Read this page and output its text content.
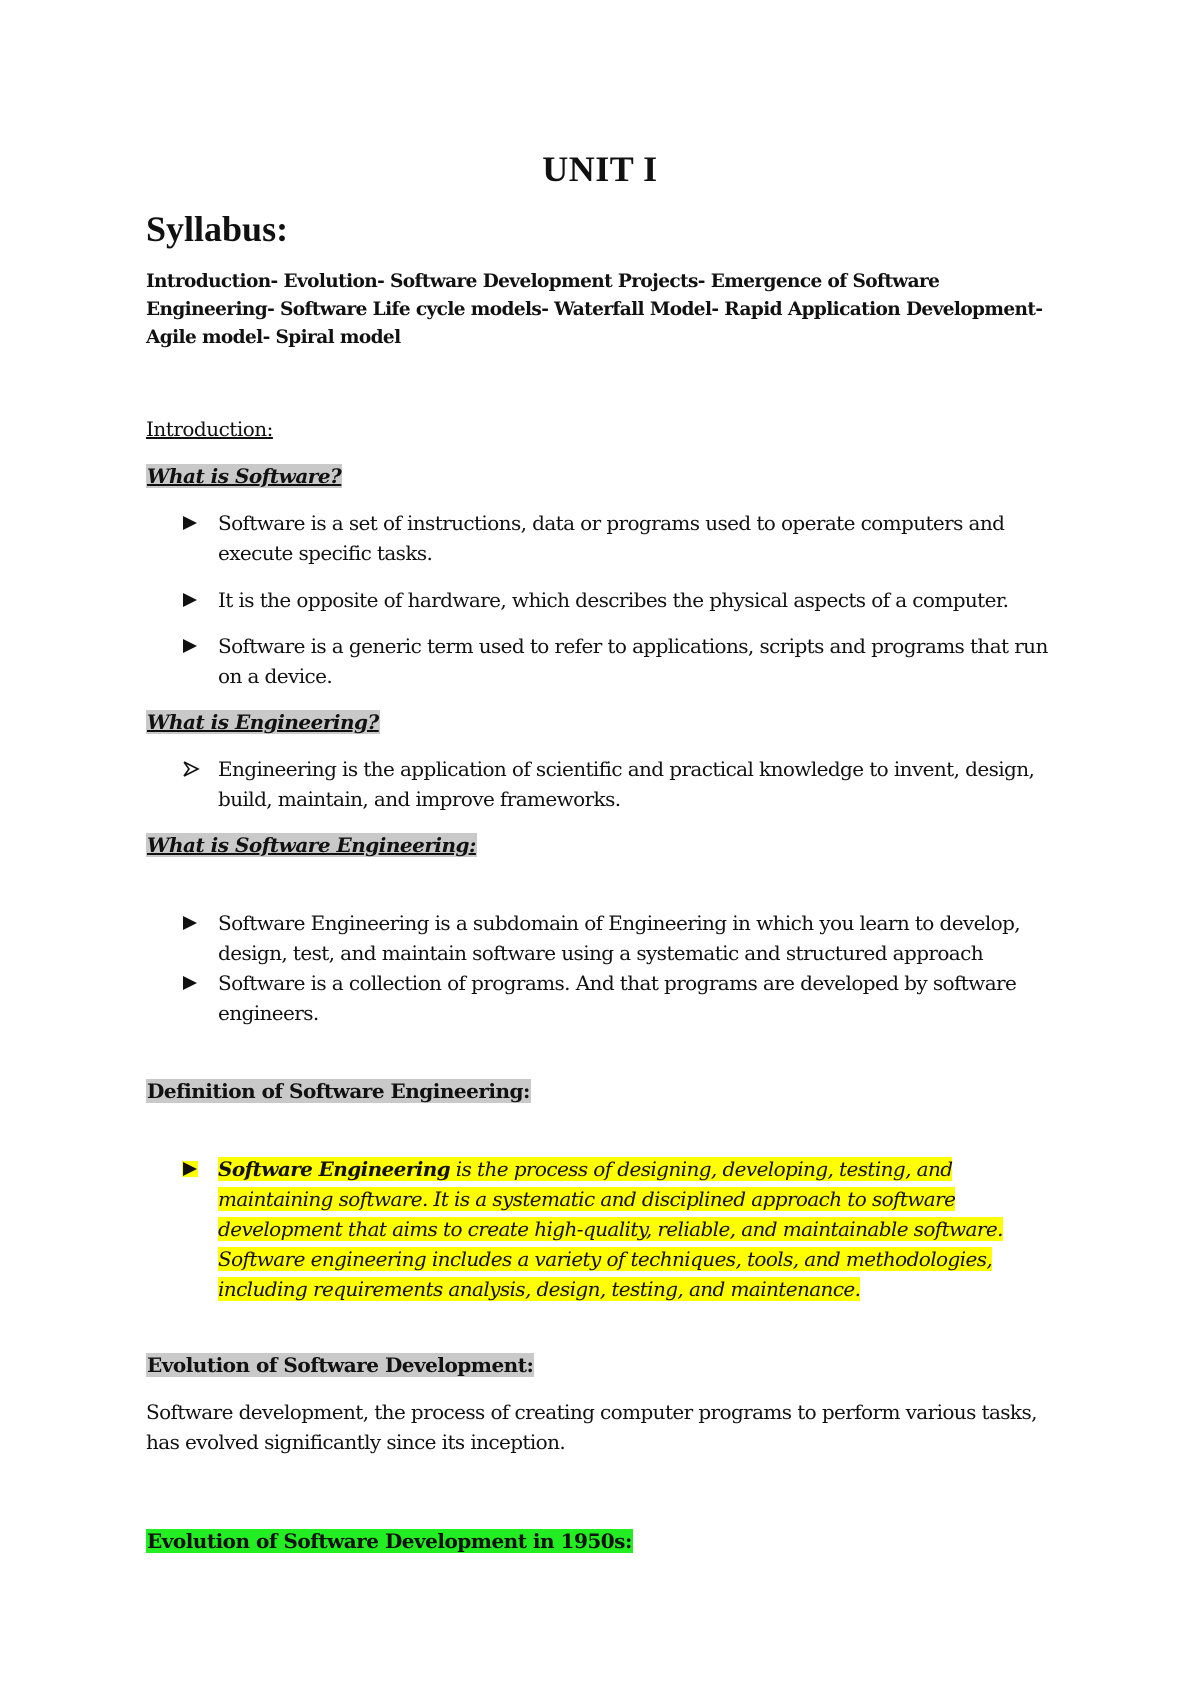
UNIT I
Syllabus:
Introduction- Evolution- Software Development Projects- Emergence of Software Engineering- Software Life cycle models- Waterfall Model- Rapid Application Development- Agile model- Spiral model
Introduction:
What is Software?
Software is a set of instructions, data or programs used to operate computers and execute specific tasks.
It is the opposite of hardware, which describes the physical aspects of a computer.
Software is a generic term used to refer to applications, scripts and programs that run on a device.
What is Engineering?
Engineering is the application of scientific and practical knowledge to invent, design, build, maintain, and improve frameworks.
What is Software Engineering:
Software Engineering is a subdomain of Engineering in which you learn to develop, design, test, and maintain software using a systematic and structured approach
Software is a collection of programs. And that programs are developed by software engineers.
Definition of Software Engineering:
Software Engineering is the process of designing, developing, testing, and maintaining software. It is a systematic and disciplined approach to software development that aims to create high-quality, reliable, and maintainable software. Software engineering includes a variety of techniques, tools, and methodologies, including requirements analysis, design, testing, and maintenance.
Evolution of Software Development:
Software development, the process of creating computer programs to perform various tasks, has evolved significantly since its inception.
Evolution of Software Development in 1950s:
